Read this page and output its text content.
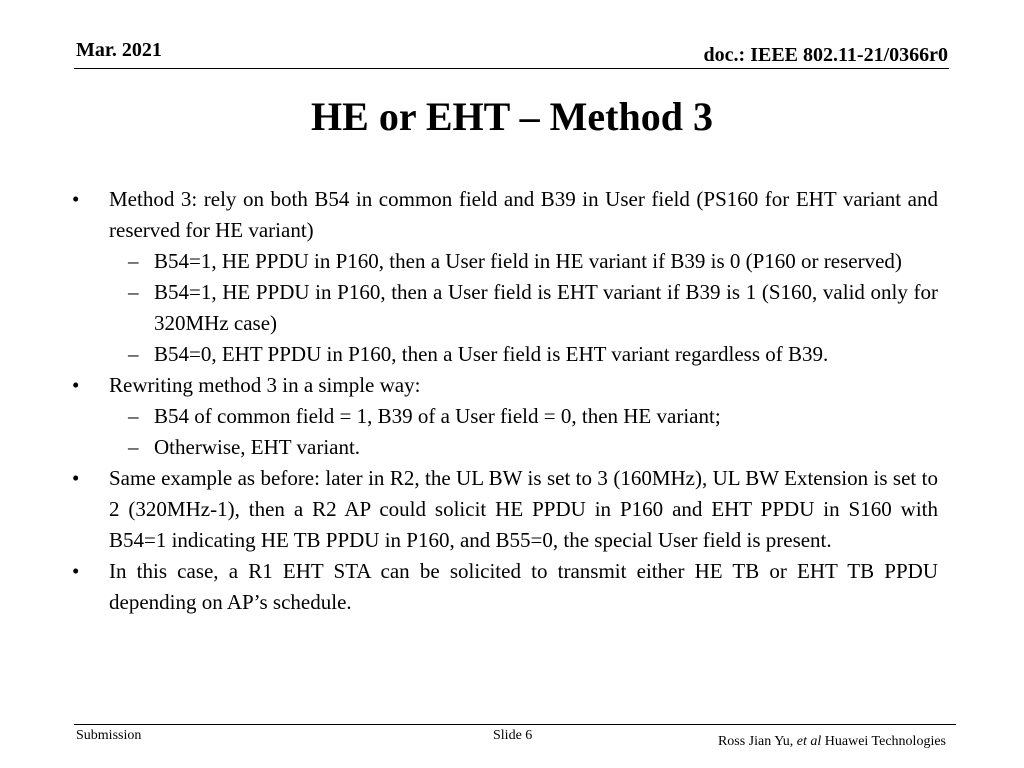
Mar. 2021	doc.: IEEE 802.11-21/0366r0
HE or EHT – Method 3
• Method 3: rely on both B54 in common field and B39 in User field (PS160 for EHT variant and reserved for HE variant)
– B54=1, HE PPDU in P160, then a User field in HE variant if B39 is 0 (P160 or reserved)
– B54=1, HE PPDU in P160, then a User field is EHT variant if B39 is 1 (S160, valid only for 320MHz case)
– B54=0, EHT PPDU in P160, then a User field is EHT variant regardless of B39.
• Rewriting method 3 in a simple way:
– B54 of common field = 1, B39 of a User field = 0, then HE variant;
– Otherwise, EHT variant.
• Same example as before: later in R2, the UL BW is set to 3 (160MHz), UL BW Extension is set to 2 (320MHz-1), then a R2 AP could solicit HE PPDU in P160 and EHT PPDU in S160 with B54=1 indicating HE TB PPDU in P160, and B55=0, the special User field is present.
• In this case, a R1 EHT STA can be solicited to transmit either HE TB or EHT TB PPDU depending on AP’s schedule.
Submission	Slide 6	Ross Jian Yu, et al Huawei Technologies
